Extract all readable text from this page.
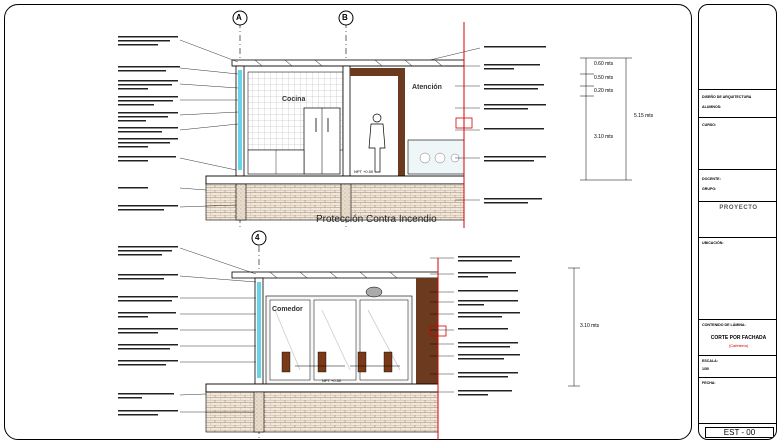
A	B
4
Cocina
Atención
Comedor
NPT +0.00
NPT +0.00
Protección Contra Incendio
0.60 mts
0.50 mts
0.20 mts
3.10 mts
5.15 mts
3.10 mts
DISEÑO DE ARQUITECTURA
ALUMNOS:
CURSO:
DOCENTE:
GRUPO:
PROYECTO
UBICACIÓN:
CONTENIDO DE LÁMINA:
CORTE POR FACHADA
(Cafetería)
ESCALA:
1/50
FECHA:
EST - 00
